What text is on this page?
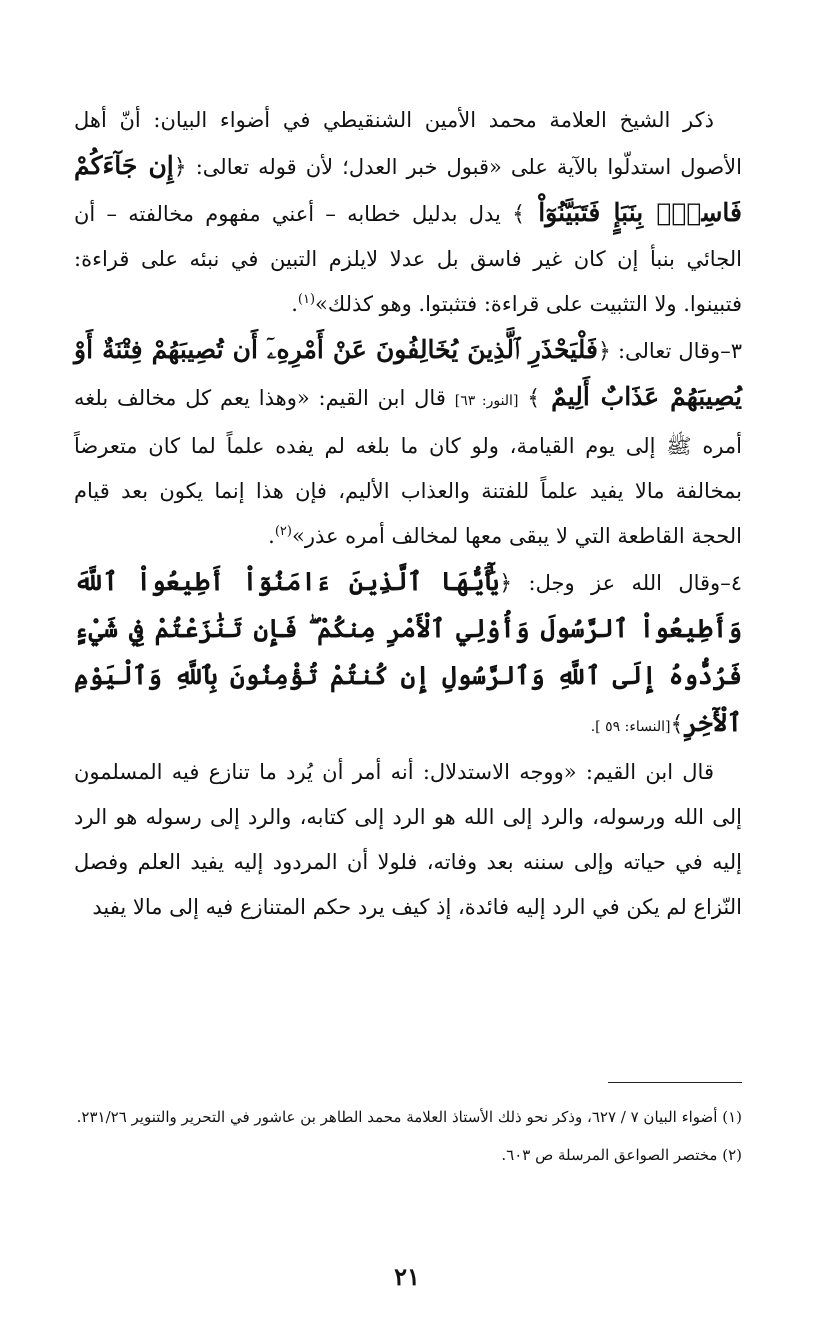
ذكر الشيخ العلامة محمد الأمين الشنقيطي في أضواء البيان: أنّ أهل الأصول استدلّوا بالآية على «قبول خبر العدل؛ لأن قوله تعالى: ﴿إِن جَآءَكُمْ فَاسِقٌۢ بِنَبَإٍ فَتَبَيَّنُوٓاْ ﴾ يدل بدليل خطابه – أعني مفهوم مخالفته – أن الجائي بنبأ إن كان غير فاسق بل عدلا لايلزم التبين في نبئه على قراءة: فتبينوا. ولا التثبيت على قراءة: فتثبتوا. وهو كذلك»$^{(١)}$.

٣–وقال تعالى: ﴿فَلْيَحْذَرِ ٱلَّذِينَ يُخَالِفُونَ عَنْ أَمْرِهِۦٓ أَن تُصِيبَهُمْ فِتْنَةٌ أَوْ يُصِيبَهُمْ عَذَابٌ أَلِيمٌ ﴾ [النور: ٦٣] قال ابن القيم: «وهذا يعم كل مخالف بلغه أمره ﷺ إلى يوم القيامة، ولو كان ما بلغه لم يفده علماً لما كان متعرضاً بمخالفة مالا يفيد علماً للفتنة والعذاب الأليم، فإن هذا إنما يكون بعد قيام الحجة القاطعة التي لا يبقى معها لمخالف أمره عذر»$^{(٢)}$.

٤–وقال الله عز وجل: ﴿يَٰٓأَيُّهَا ٱلَّذِينَ ءَامَنُوٓاْ أَطِيعُواْ ٱللَّهَ وَأَطِيعُواْ ٱلرَّسُولَ وَأُوْلِي ٱلْأَمْرِ مِنكُمْ ۖ فَإِن تَنَٰزَعْتُمْ فِي شَيْءٍ فَرُدُّوهُ إِلَى ٱللَّهِ وَٱلرَّسُولِ إِن كُنتُمْ تُؤْمِنُونَ بِٱللَّهِ وَٱلْيَوْمِ ٱلْأٓخِرِ﴾[النساء: ٥٩ ].

قال ابن القيم: «ووجه الاستدلال: أنه أمر أن يُرد ما تنازع فيه المسلمون إلى الله ورسوله، والرد إلى الله هو الرد إلى كتابه، والرد إلى رسوله هو الرد إليه في حياته وإلى سننه بعد وفاته، فلولا أن المردود إليه يفيد العلم وفصل النّزاع لم يكن في الرد إليه فائدة، إذ كيف يرد حكم المتنازع فيه إلى مالا يفيد

(١) أضواء البيان ٧ / ٦٢٧، وذكر نحو ذلك الأستاذ العلامة محمد الطاهر بن عاشور في التحرير والتنوير ٢٣١/٢٦.

(٢) مختصر الصواعق المرسلة ص ٦٠٣.

٢١
